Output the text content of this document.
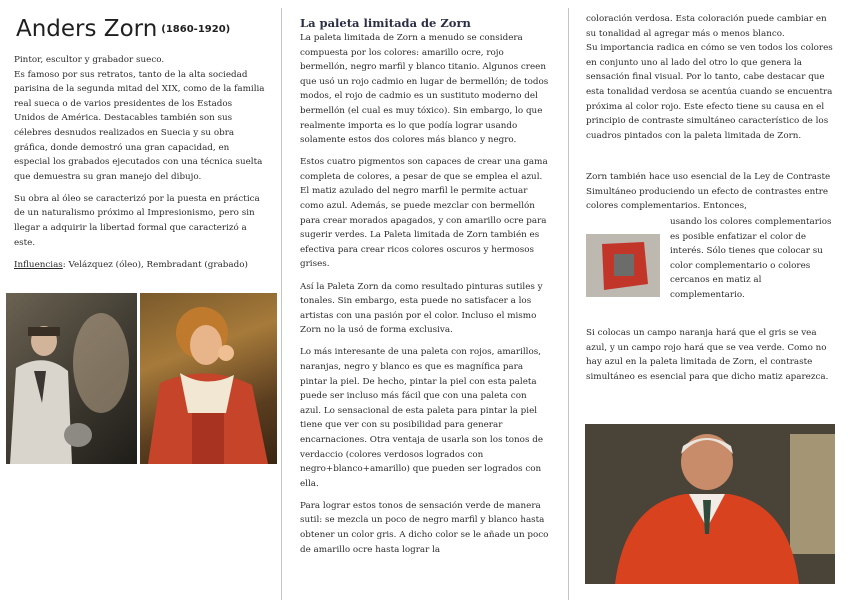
Anders Zorn (1860-1920)

Pintor, escultor y grabador sueco.
Es famoso por sus retratos, tanto de la alta sociedad parisina de la segunda mitad del XIX, como de la familia real sueca o de varios presidentes de los Estados Unidos de América. Destacables también son sus célebres desnudos realizados en Suecia y su obra gráfica, donde demostró una gran capacidad, en especial los grabados ejecutados con una técnica suelta que demuestra su gran manejo del dibujo.

Su obra al óleo se caracterizó por la puesta en práctica de un naturalismo próximo al Impresionismo, pero sin llegar a adquirir la libertad formal que caracterizó a este.

Influencias: Velázquez (óleo), Rembradant (grabado)

La paleta limitada de Zorn

La paleta limitada de Zorn a menudo se considera compuesta por los colores: amarillo ocre, rojo bermellón, negro marfil y blanco titanio. Algunos creen que usó un rojo cadmio en lugar de bermellón; de todos modos, el rojo de cadmio es un sustituto moderno del bermellón (el cual es muy tóxico). Sin embargo, lo que realmente importa es lo que podía lograr usando solamente estos dos colores más blanco y negro.

Estos cuatro pigmentos son capaces de crear una gama completa de colores, a pesar de que se emplea el azul. El matiz azulado del negro marfil le permite actuar como azul. Además, se puede mezclar con bermellón para crear morados apagados, y con amarillo ocre para sugerir verdes. La Paleta limitada de Zorn también es efectiva para crear ricos colores oscuros y hermosos grises.

Así la Paleta Zorn da como resultado pinturas sutiles y tonales. Sin embargo, esta puede no satisfacer a los artistas con una pasión por el color. Incluso el mismo Zorn no la usó de forma exclusiva.

Lo más interesante de una paleta con rojos, amarillos, naranjas, negro y blanco es que es magnífica para pintar la piel. De hecho, pintar la piel con esta paleta puede ser incluso más fácil que con una paleta con azul. Lo sensacional de esta paleta para pintar la piel tiene que ver con su posibilidad para generar encarnaciones. Otra ventaja de usarla son los tonos de verdaccio (colores verdosos logrados con negro+blanco+amarillo) que pueden ser logrados con ella.

Para lograr estos tonos de sensación verde de manera sutil: se mezcla un poco de negro marfil y blanco hasta obtener un color gris. A dicho color se le añade un poco de amarillo ocre hasta lograr la

coloración verdosa. Esta coloración puede cambiar en su tonalidad al agregar más o menos blanco.
Su importancia radica en cómo se ven todos los colores en conjunto uno al lado del otro lo que genera la sensación final visual. Por lo tanto, cabe destacar que esta tonalidad verdosa se acentúa cuando se encuentra próxima al color rojo. Este efecto tiene su causa en el principio de contraste simultáneo característico de los cuadros pintados con la paleta limitada de Zorn.

Zorn también hace uso esencial de la Ley de Contraste Simultáneo produciendo un efecto de contrastes entre colores complementarios. Entonces,

Si colocas un campo naranja hará que el gris se vea azul, y un campo rojo hará que se vea verde. Como no hay azul en la paleta limitada de Zorn, el contraste simultáneo es esencial para que dicho matiz aparezca.

usando los colores complementarios es posible enfatizar el color de interés. Sólo tienes que colocar su color complementario o colores cercanos en matiz al complementario.
